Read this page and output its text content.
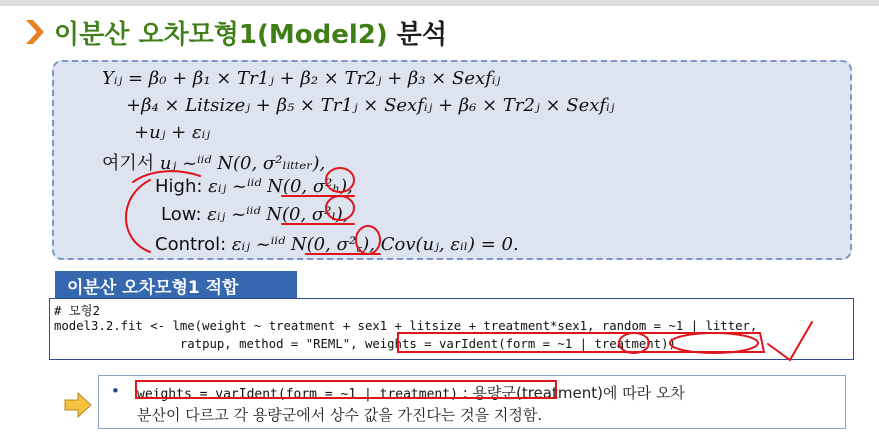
이분산 오차모형1(Model2) 분석
Yᵢⱼ = β₀ + β₁ × Tr1ⱼ + β₂ × Tr2ⱼ + β₃ × Sexfᵢⱼ
+β₄ × Litsizeⱼ + β₅ × Tr1ⱼ × Sexfᵢⱼ + β₆ × Tr2ⱼ × Sexfᵢⱼ
+uⱼ + εᵢⱼ
여기서 uⱼ ~ⁱⁱᵈ N(0, σ²ₗᵢₜₜₑᵣ),
High: εᵢⱼ ~ⁱⁱᵈ N(0, σ²ₕ),
Low: εᵢⱼ ~ⁱⁱᵈ N(0, σ²ₗ),
Control: εᵢⱼ ~ⁱⁱᵈ N(0, σ²꜀), Cov(uⱼ, εᵢₗ) = 0.
이분산 오차모형1 적합
# 모형2
model3.2.fit <- lme(weight ~ treatment + sex1 + litsize + treatment*sex1, random = ~1 | litter,
ratpup, method = "REML", weights = varIdent(form = ~1 | treatment))
• weights = varIdent(form = ~1 | treatment) : 용량군(treatment)에 따라 오차
분산이 다르고 각 용량군에서 상수 값을 가진다는 것을 지정함.
